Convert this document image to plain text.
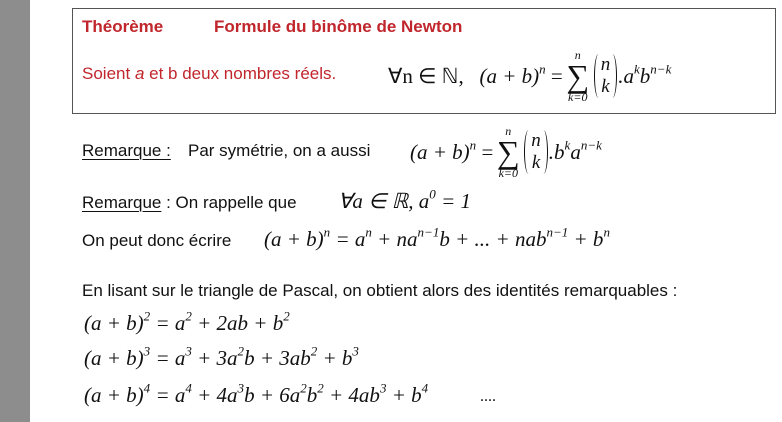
Théorème	Formule du binôme de Newton
Soient a et b deux nombres réels. ∀n ∈ ℕ,
$(a + b)^n$
=
n
∑
k=0
n
k $.a^kb^{n-k}$
Remarque : Par symétrie, on a aussi $(a + b)^n$
=
n
∑
k=0
n
k $.b^ka^{n-k}$
Remarque : On rappelle que ∀a ∈ ℝ, $a^0 = 1$
On peut donc écrire $(a + b)^n = a^n + na^{n-1}b$ + ... + $nab^{n-1} + b^n$
En lisant sur le triangle de Pascal, on obtient alors des identités remarquables :
$(a + b)^2 = a^2 + 2ab + b^2$
$(a + b)^3 = a^3 + 3a^2b + 3ab^2 + b^3$
$(a + b)^4 = a^4 + 4a^3b + 6a^2b^2 + 4ab^3 + b^4$
....
